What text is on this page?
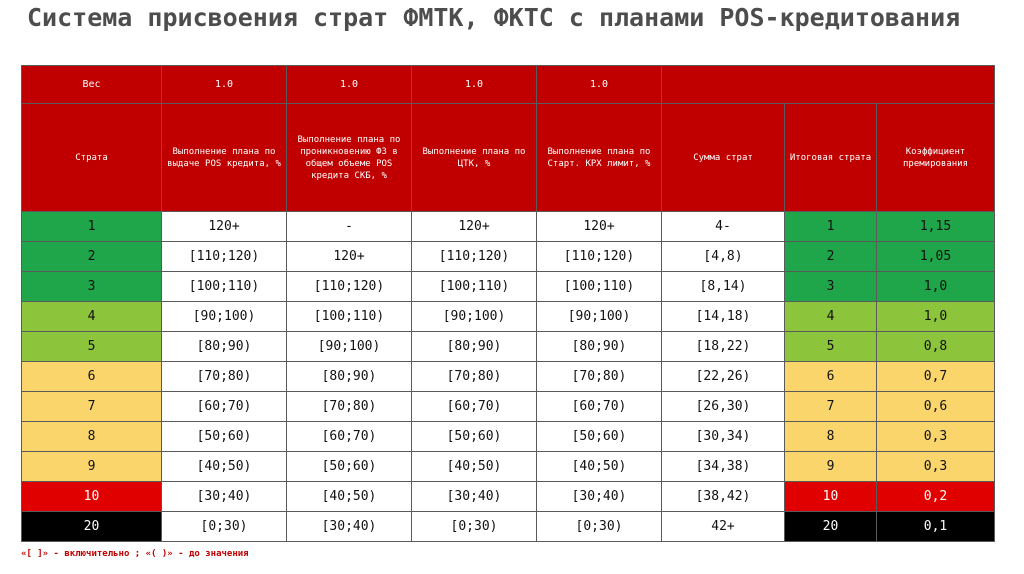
Система присвоения страт ФМТК, ФКТС с планами POS-кредитования
Вес	1.0	1.0	1.0	1.0			
Страта	Выполнение плана по выдаче POS кредита, %	Выполнение плана по проникновению ФЗ в общем объеме POS кредита СКБ, %	Выполнение плана по ЦТК, %	Выполнение плана по Старт. КРХ лимит, %	Сумма страт	Итоговая страта	Коэффициент премирования
1	120+	-	120+	120+	4-	1	1,15
2	[110;120)	120+	[110;120)	[110;120)	[4,8)	2	1,05
3	[100;110)	[110;120)	[100;110)	[100;110)	[8,14)	3	1,0
4	[90;100)	[100;110)	[90;100)	[90;100)	[14,18)	4	1,0
5	[80;90)	[90;100)	[80;90)	[80;90)	[18,22)	5	0,8
6	[70;80)	[80;90)	[70;80)	[70;80)	[22,26)	6	0,7
7	[60;70)	[70;80)	[60;70)	[60;70)	[26,30)	7	0,6
8	[50;60)	[60;70)	[50;60)	[50;60)	[30,34)	8	0,3
9	[40;50)	[50;60)	[40;50)	[40;50)	[34,38)	9	0,3
10	[30;40)	[40;50)	[30;40)	[30;40)	[38,42)	10	0,2
20	[0;30)	[30;40)	[0;30)	[0;30)	42+	20	0,1
«[ ]» - включительно ; «( )» - до значения
